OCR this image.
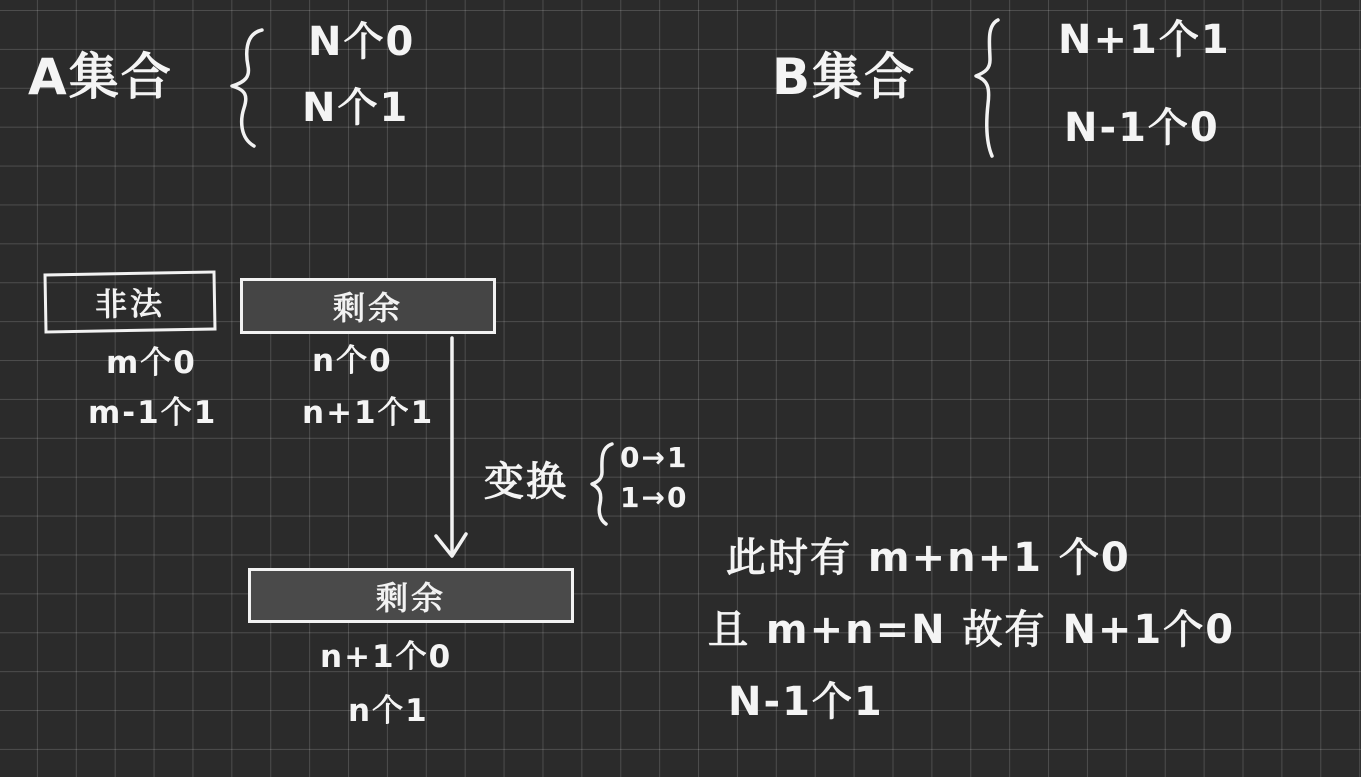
A集合
N个0
N个1
B集合
N+1个1
N-1个0
非法
m个0
m-1个1
剩余
n个0
n+1个1
变换
0→1
1→0
剩余
n+1个0
n个1
此时有 m+n+1 个0
且 m+n=N 故有 N+1个0
N-1个1
